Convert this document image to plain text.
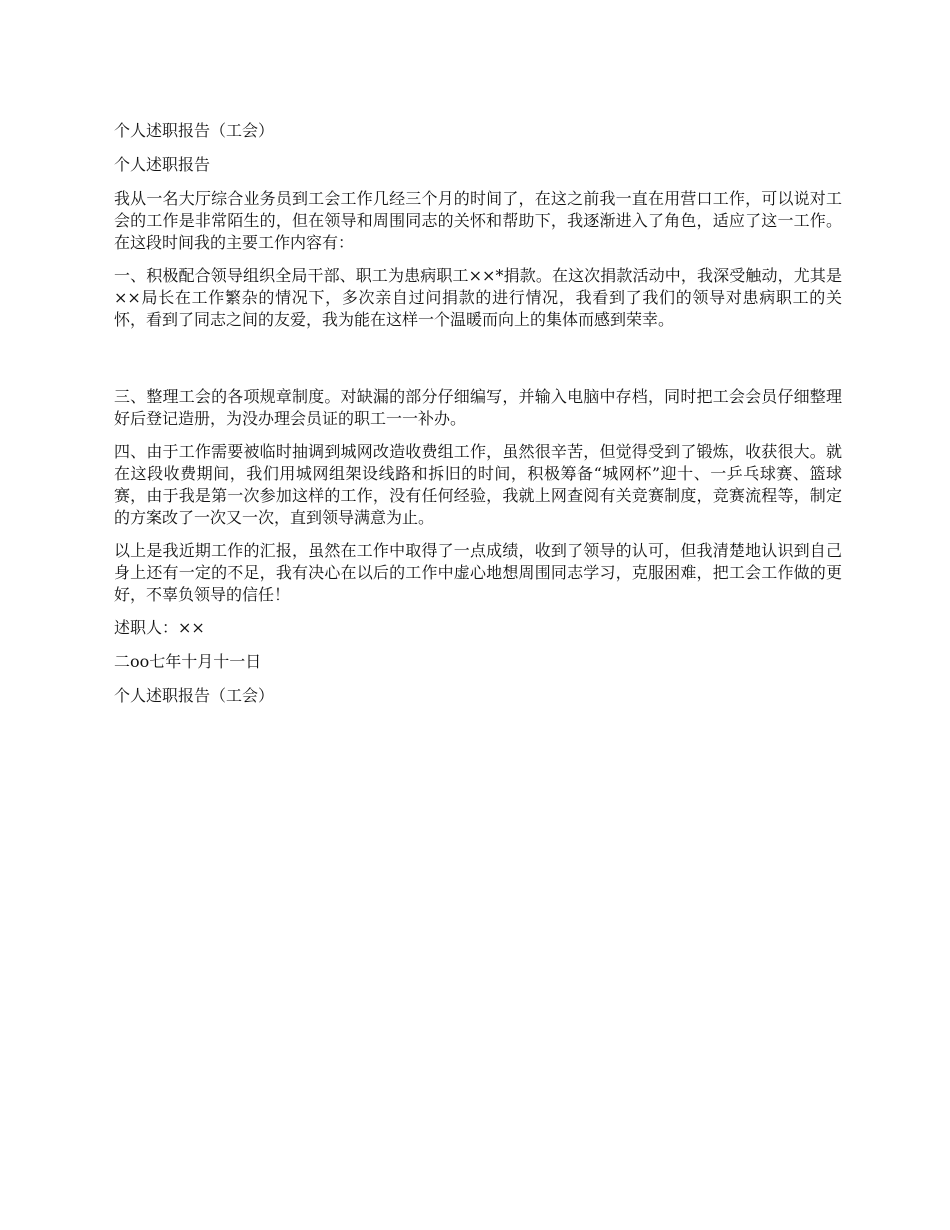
个人述职报告（工会）

个人述职报告

我从一名大厅综合业务员到工会工作几经三个月的时间了，在这之前我一直在用营口工作，可以说对工会的工作是非常陌生的，但在领导和周围同志的关怀和帮助下，我逐渐进入了角色，适应了这一工作。在这段时间我的主要工作内容有：

一、积极配合领导组织全局干部、职工为患病职工××*捐款。在这次捐款活动中，我深受触动，尤其是××局长在工作繁杂的情况下，多次亲自过问捐款的进行情况，我看到了我们的领导对患病职工的关怀，看到了同志之间的友爱，我为能在这样一个温暖而向上的集体而感到荣幸。

三、整理工会的各项规章制度。对缺漏的部分仔细编写，并输入电脑中存档，同时把工会会员仔细整理好后登记造册，为没办理会员证的职工一一补办。

四、由于工作需要被临时抽调到城网改造收费组工作，虽然很辛苦，但觉得受到了锻炼，收获很大。就在这段收费期间，我们用城网组架设线路和拆旧的时间，积极筹备“城网杯”迎十、一乒乓球赛、篮球赛，由于我是第一次参加这样的工作，没有任何经验，我就上网查阅有关竞赛制度，竞赛流程等，制定的方案改了一次又一次，直到领导满意为止。

以上是我近期工作的汇报，虽然在工作中取得了一点成绩，收到了领导的认可，但我清楚地认识到自己身上还有一定的不足，我有决心在以后的工作中虚心地想周围同志学习，克服困难，把工会工作做的更好，不辜负领导的信任！

述职人：××

二oo七年十月十一日

个人述职报告（工会）
